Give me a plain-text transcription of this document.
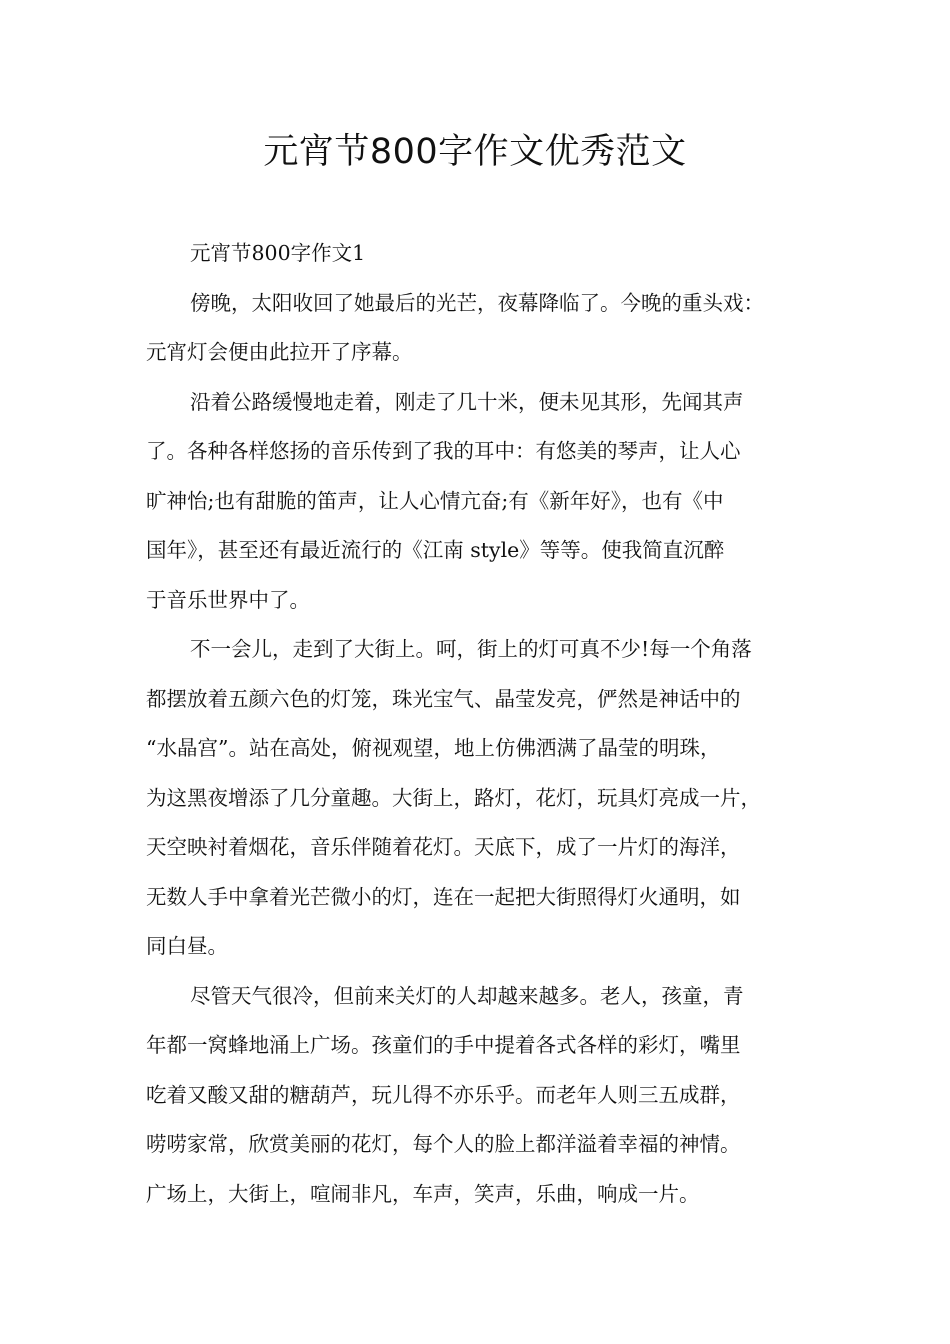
元宵节800字作文优秀范文
元宵节800字作文1
傍晚，太阳收回了她最后的光芒，夜幕降临了。今晚的重头戏：
元宵灯会便由此拉开了序幕。
沿着公路缓慢地走着，刚走了几十米，便未见其形，先闻其声
了。各种各样悠扬的音乐传到了我的耳中：有悠美的琴声，让人心
旷神怡;也有甜脆的笛声，让人心情亢奋;有《新年好》，也有《中
国年》，甚至还有最近流行的《江南 style》等等。使我简直沉醉
于音乐世界中了。
不一会儿，走到了大街上。呵，街上的灯可真不少!每一个角落
都摆放着五颜六色的灯笼，珠光宝气、晶莹发亮，俨然是神话中的
“水晶宫”。站在高处，俯视观望，地上仿佛洒满了晶莹的明珠，
为这黑夜增添了几分童趣。大街上，路灯，花灯，玩具灯亮成一片，
天空映衬着烟花，音乐伴随着花灯。天底下，成了一片灯的海洋，
无数人手中拿着光芒微小的灯，连在一起把大街照得灯火通明，如
同白昼。
尽管天气很冷，但前来关灯的人却越来越多。老人，孩童，青
年都一窝蜂地涌上广场。孩童们的手中提着各式各样的彩灯，嘴里
吃着又酸又甜的糖葫芦，玩儿得不亦乐乎。而老年人则三五成群，
唠唠家常，欣赏美丽的花灯，每个人的脸上都洋溢着幸福的神情。
广场上，大街上，喧闹非凡，车声，笑声，乐曲，响成一片。
